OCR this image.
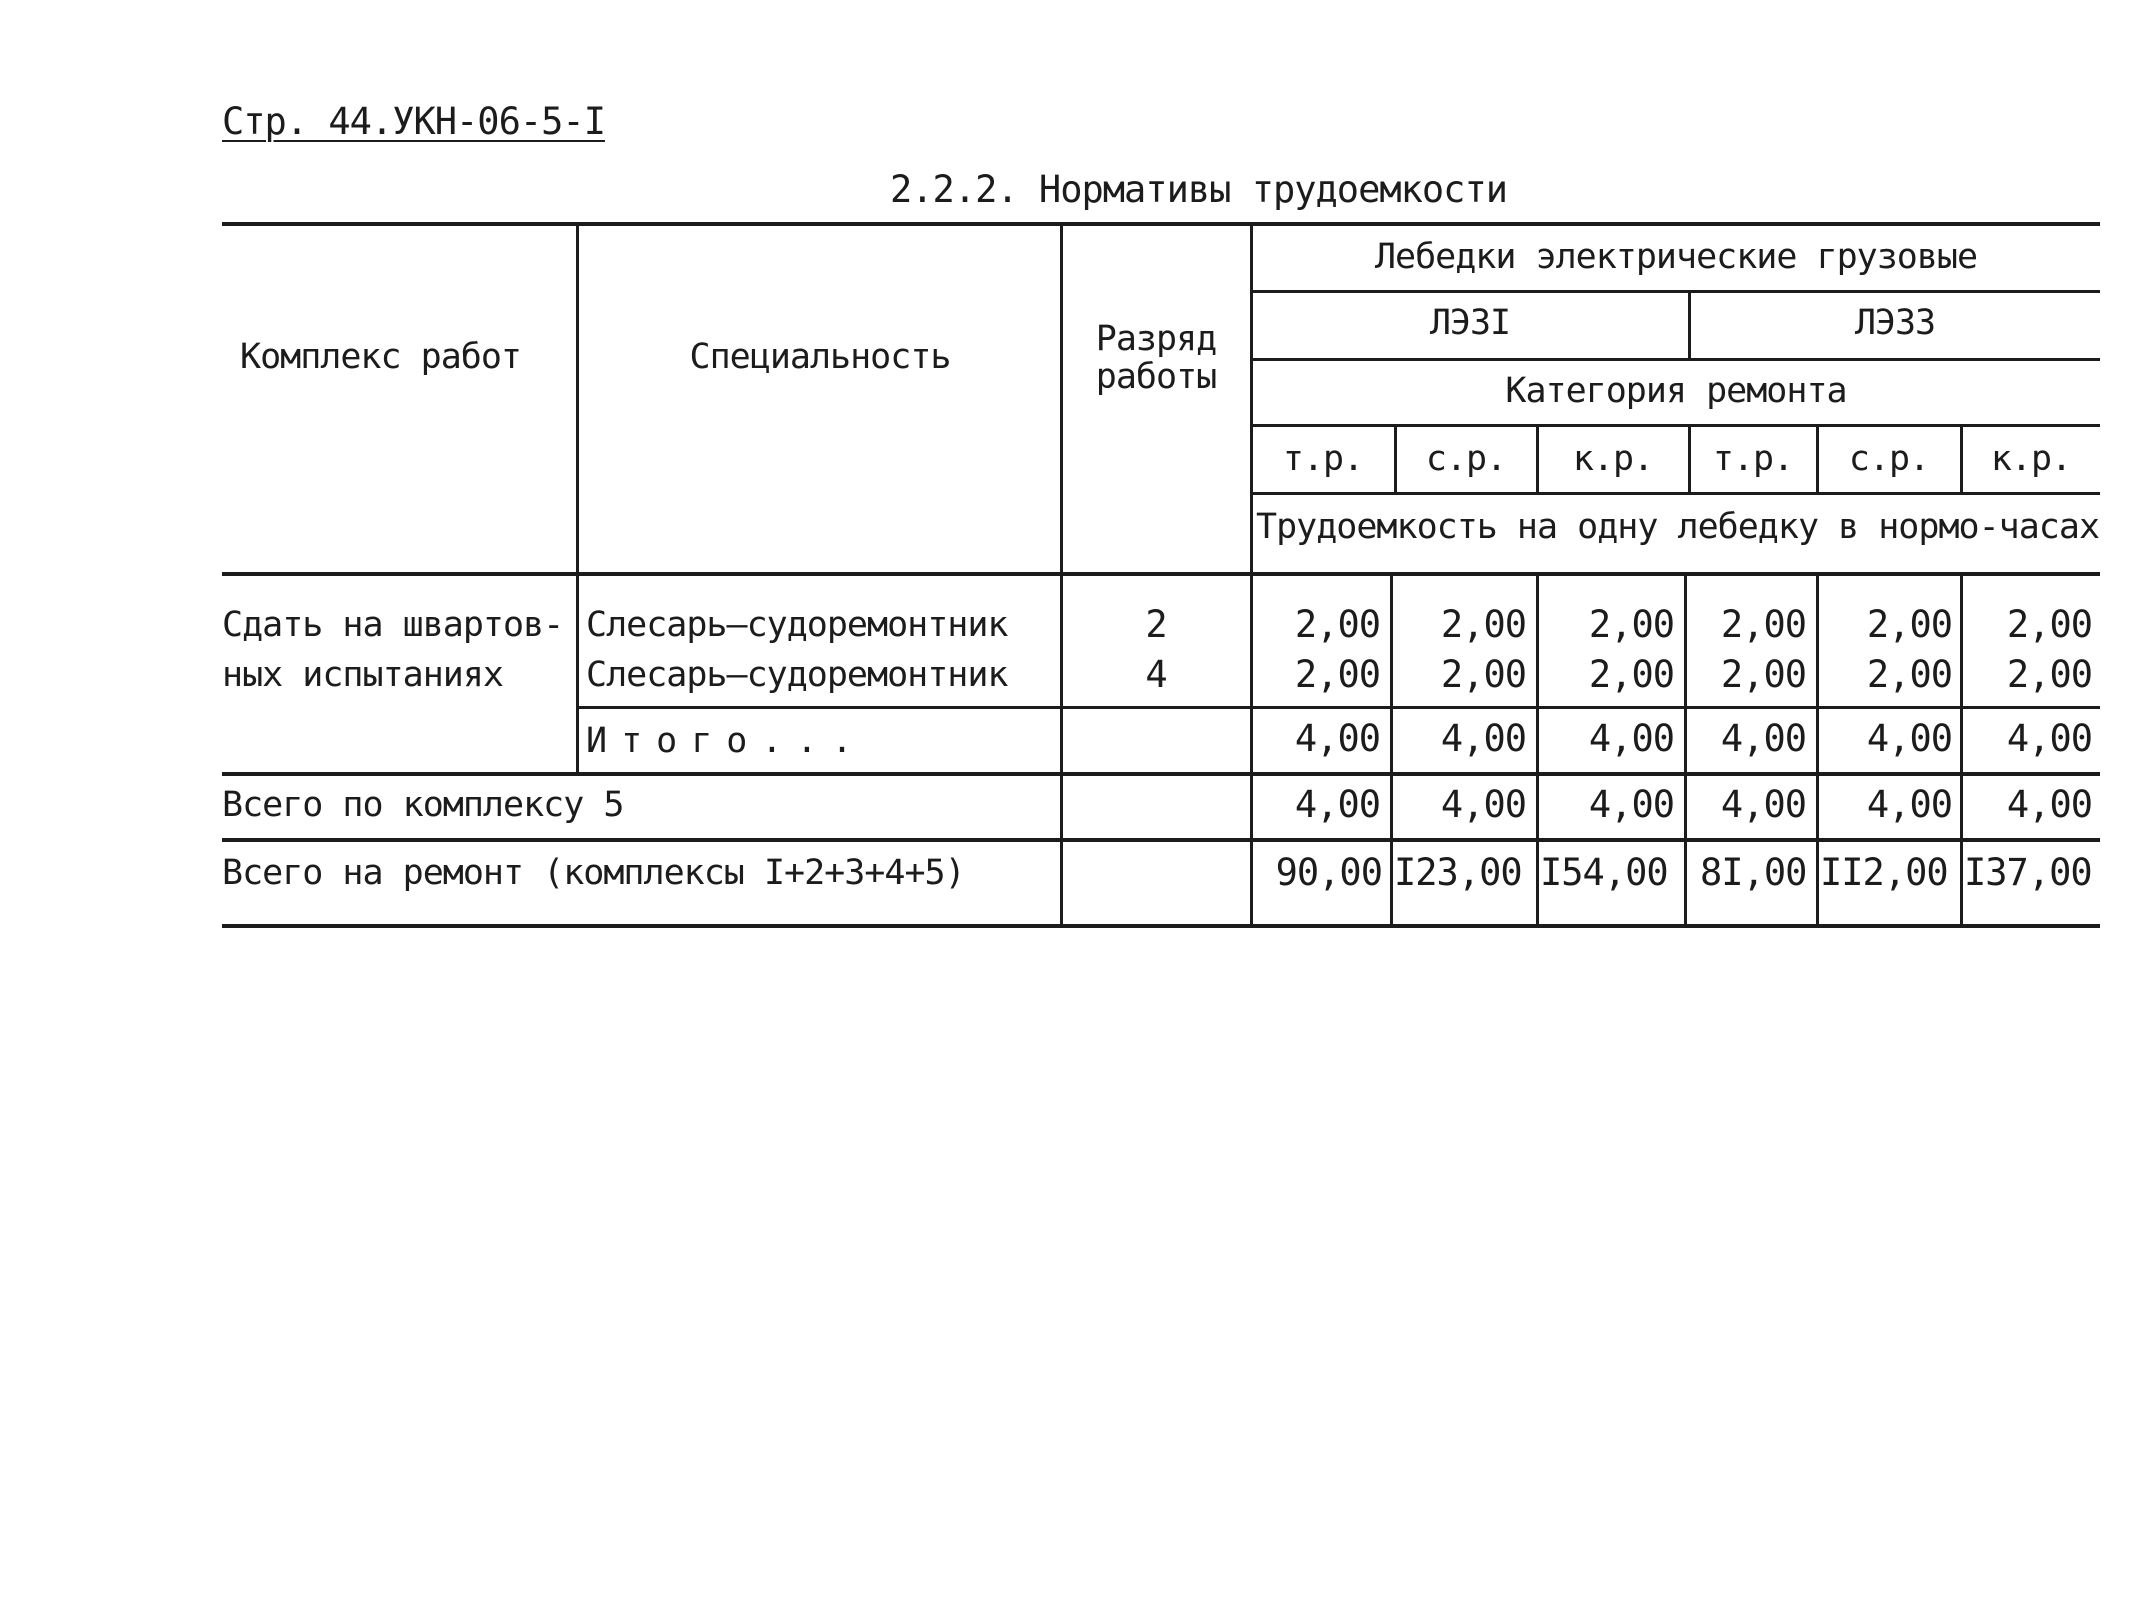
Стр. 44.УКН-06-5-I
2.2.2. Нормативы трудоемкости
Комплекс работ	Специальность	Разряд
работы
Лебедки электрические грузовые
ЛЭ3I	ЛЭ33
Категория ремонта
т.р.	с.р.	к.р.	т.р.	с.р.	к.р.
Трудоемкость на одну лебедку в нормо-часах
Сдать на швартов-
ных испытаниях
Слесарь–судоремонтник	2	2,00	2,00	2,00	2,00	2,00	2,00
Слесарь–судоремонтник	4	2,00	2,00	2,00	2,00	2,00	2,00
Итого...	4,00	4,00	4,00	4,00	4,00	4,00
Всего по комплексу 5	4,00	4,00	4,00	4,00	4,00	4,00
Всего на ремонт (комплексы I+2+3+4+5)	90,00 I23,00 I54,00 8I,00 II2,00 I37,00
